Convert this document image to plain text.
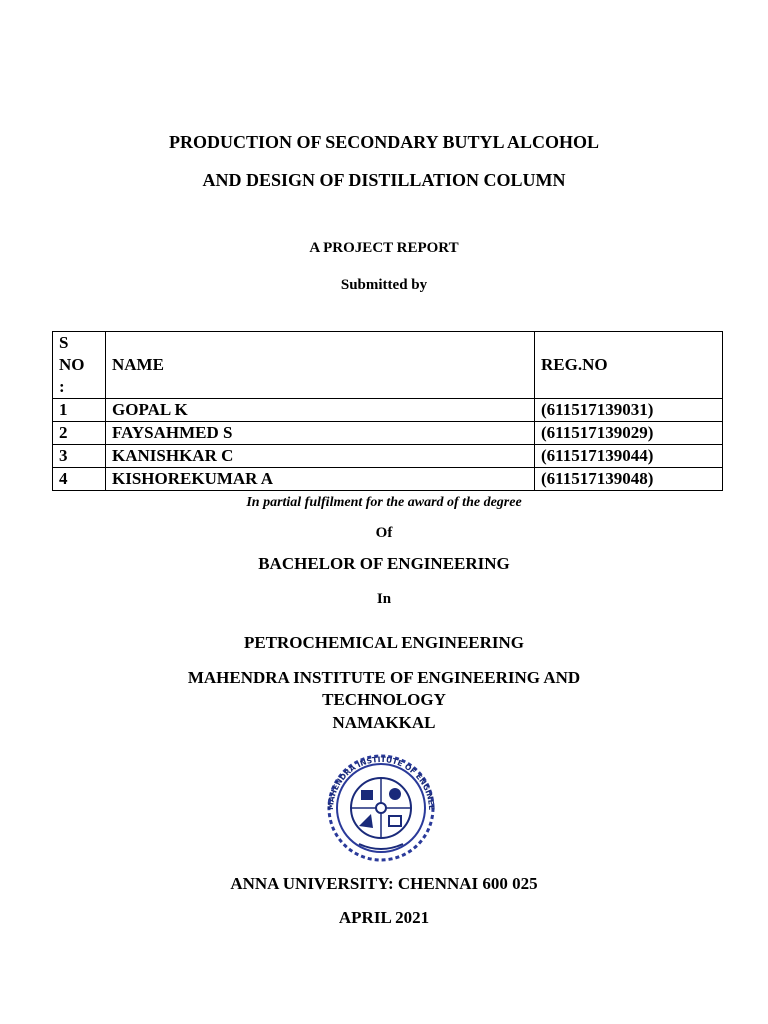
PRODUCTION OF SECONDARY BUTYL ALCOHOL
AND DESIGN OF DISTILLATION COLUMN
A PROJECT REPORT
Submitted by
S
NO
:	NAME	REG.NO
1	GOPAL K	(611517139031)
2	FAYSAHMED S	(611517139029)
3	KANISHKAR C	(611517139044)
4	KISHOREKUMAR A	(611517139048)
In partial fulfilment for the award of the degree
Of
BACHELOR OF ENGINEERING
In
PETROCHEMICAL ENGINEERING
MAHENDRA INSTITUTE OF ENGINEERING AND
TECHNOLOGY
NAMAKKAL
MAHENDRA INSTITUTE OF ENGINEE
ANNA UNIVERSITY: CHENNAI 600 025
APRIL 2021
